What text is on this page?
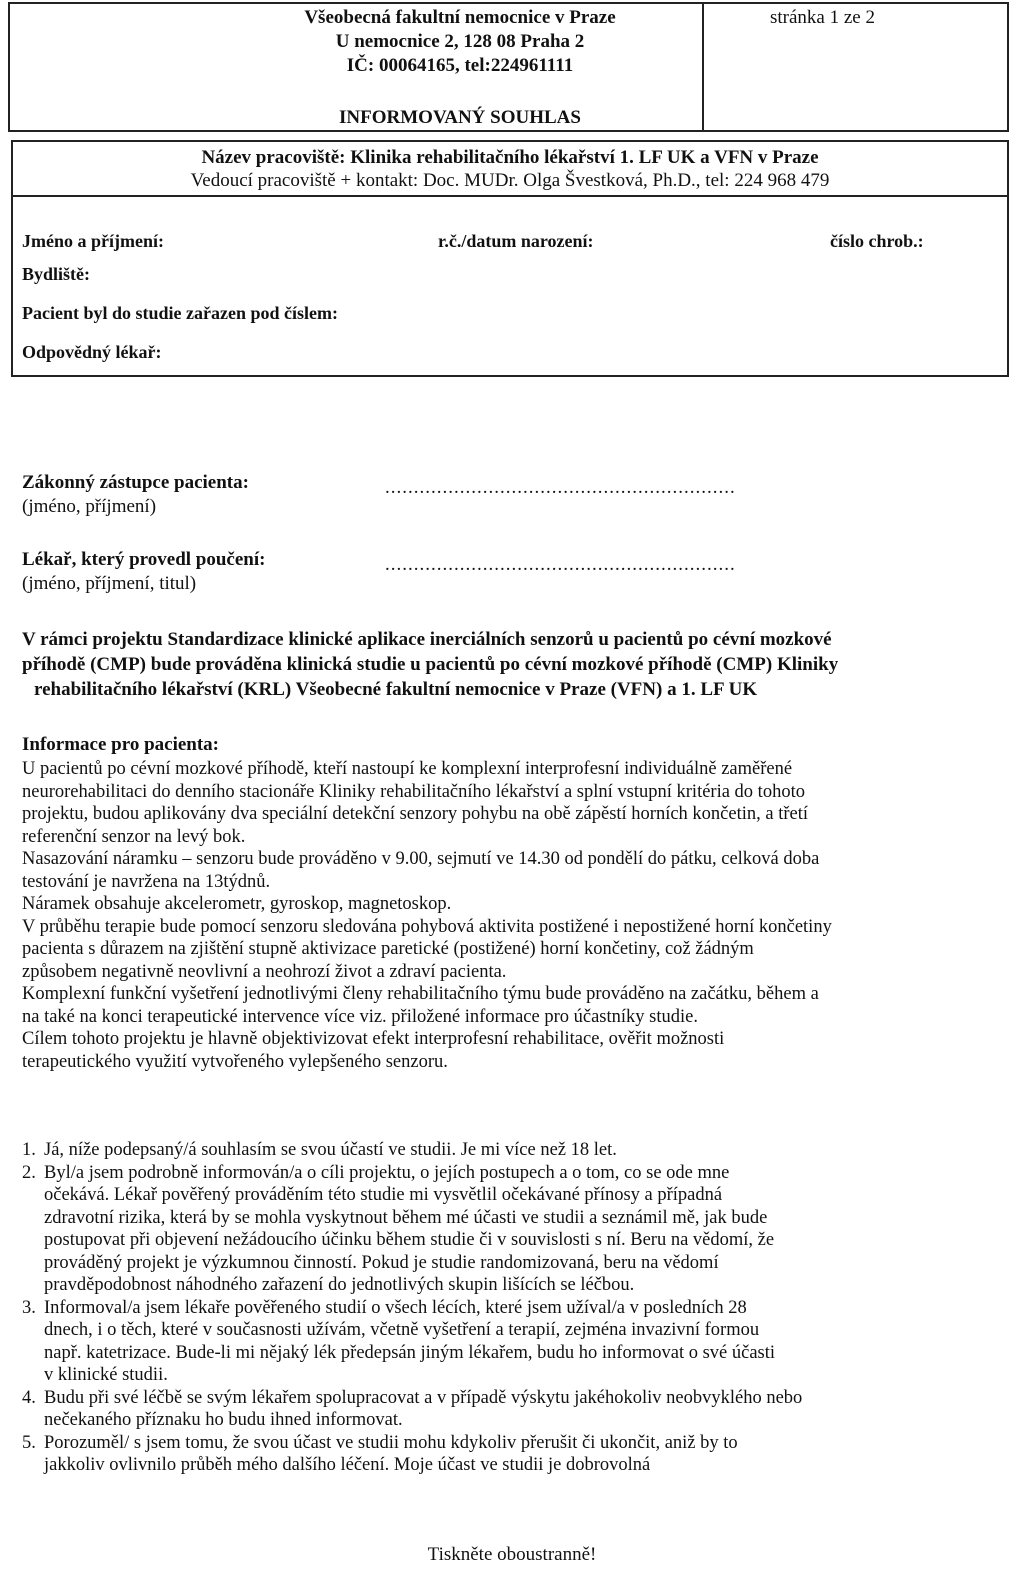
Všeobecná fakultní nemocnice v Praze
U nemocnice 2, 128 08 Praha 2
IČ: 00064165, tel:224961111
INFORMOVANÝ SOUHLAS
stránka 1 ze 2
Název pracoviště: Klinika rehabilitačního lékařství 1. LF UK a VFN v Praze
Vedoucí pracoviště + kontakt: Doc. MUDr. Olga Švestková, Ph.D., tel: 224 968 479
Jméno a příjmení:	r.č./datum narození:	číslo chrob.:
Bydliště:
Pacient byl do studie zařazen pod číslem:
Odpovědný lékař:
Zákonný zástupce pacienta:
(jméno, příjmení)
.............................................................
Lékař, který provedl poučení:
(jméno, příjmení, titul)
.............................................................
V rámci projektu Standardizace klinické aplikace inerciálních senzorů u pacientů po cévní mozkové
příhodě (CMP) bude prováděna klinická studie u pacientů po cévní mozkové příhodě (CMP) Kliniky
rehabilitačního lékařství (KRL) Všeobecné fakultní nemocnice v Praze (VFN) a 1. LF UK
Informace pro pacienta:
U pacientů po cévní mozkové příhodě, kteří nastoupí ke komplexní interprofesní individuálně zaměřené
neurorehabilitaci do denního stacionáře Kliniky rehabilitačního lékařství a splní vstupní kritéria do tohoto
projektu, budou aplikovány dva speciální detekční senzory pohybu na obě zápěstí horních končetin, a třetí
referenční senzor na levý bok.
Nasazování náramku – senzoru bude prováděno v 9.00, sejmutí ve 14.30 od pondělí do pátku, celková doba
testování je navržena na 13týdnů.
Náramek obsahuje akcelerometr, gyroskop, magnetoskop.
V průběhu terapie bude pomocí senzoru sledována pohybová aktivita postižené i nepostižené horní končetiny
pacienta s důrazem na zjištění stupně aktivizace paretické (postižené) horní končetiny, což žádným
způsobem negativně neovlivní a neohrozí život a zdraví pacienta.
Komplexní funkční vyšetření jednotlivými členy rehabilitačního týmu bude prováděno na začátku, během a
na také na konci terapeutické intervence více viz. přiložené informace pro účastníky studie.
Cílem tohoto projektu je hlavně objektivizovat efekt interprofesní rehabilitace, ověřit možnosti
terapeutického využití vytvořeného vylepšeného senzoru.
1. Já, níže podepsaný/á souhlasím se svou účastí ve studii. Je mi více než 18 let.
2. Byl/a jsem podrobně informován/a o cíli projektu, o jejích postupech a o tom, co se ode mne
očekává. Lékař pověřený prováděním této studie mi vysvětlil očekávané přínosy a případná
zdravotní rizika, která by se mohla vyskytnout během mé účasti ve studii a seznámil mě, jak bude
postupovat při objevení nežádoucího účinku během studie či v souvislosti s ní. Beru na vědomí, že
prováděný projekt je výzkumnou činností. Pokud je studie randomizovaná, beru na vědomí
pravděpodobnost náhodného zařazení do jednotlivých skupin lišících se léčbou.
3. Informoval/a jsem lékaře pověřeného studií o všech lécích, které jsem užíval/a v posledních 28
dnech, i o těch, které v současnosti užívám, včetně vyšetření a terapií, zejména invazivní formou
např. katetrizace. Bude-li mi nějaký lék předepsán jiným lékařem, budu ho informovat o své účasti
v klinické studii.
4. Budu při své léčbě se svým lékařem spolupracovat a v případě výskytu jakéhokoliv neobvyklého nebo
nečekaného příznaku ho budu ihned informovat.
5. Porozuměl/ s jsem tomu, že svou účast ve studii mohu kdykoliv přerušit či ukončit, aniž by to
jakkoliv ovlivnilo průběh mého dalšího léčení. Moje účast ve studii je dobrovolná
Tiskněte oboustranně!
